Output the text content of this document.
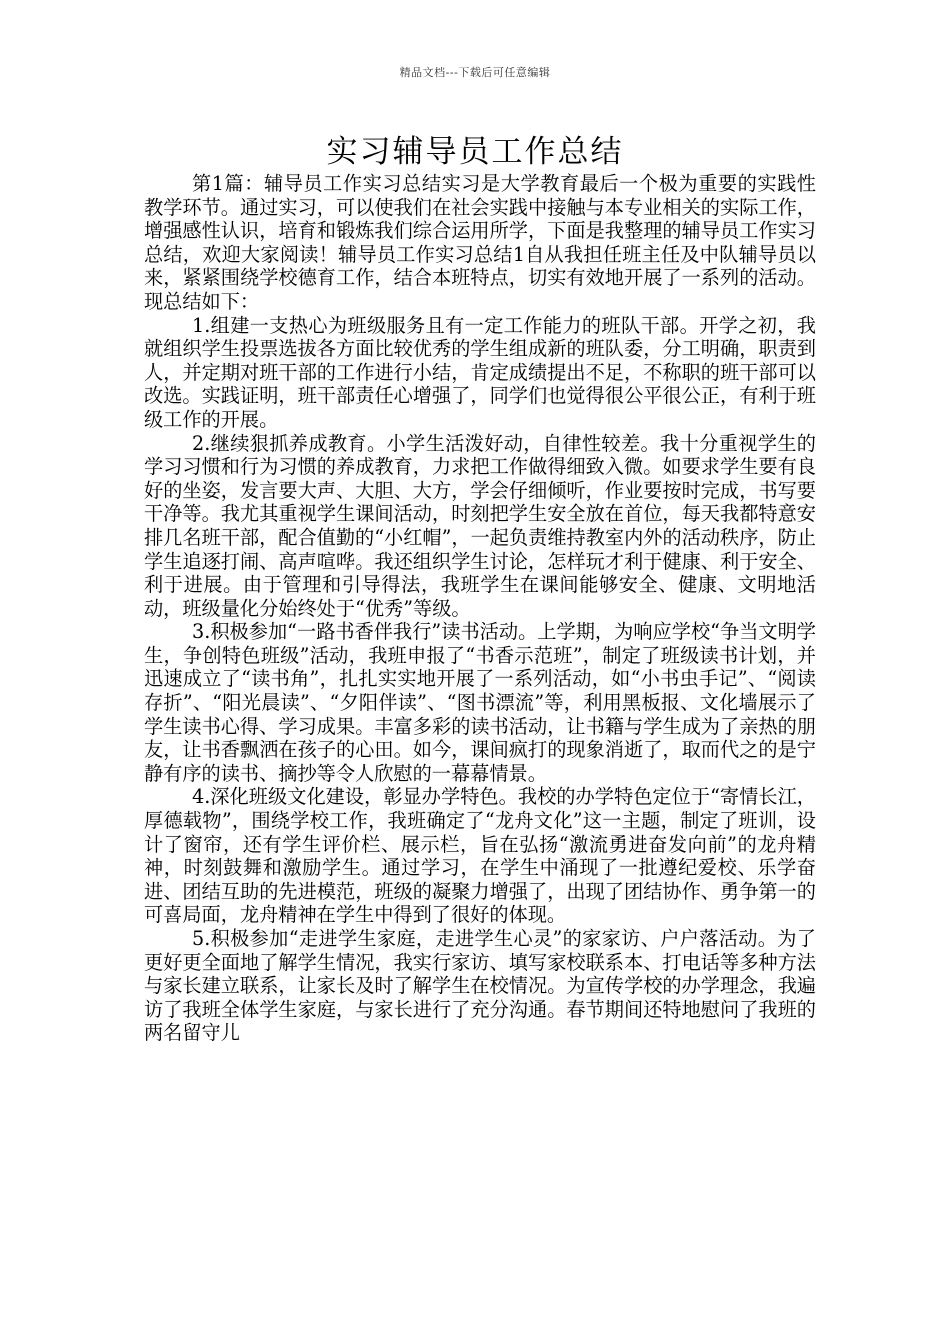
精品文档---下载后可任意编辑
实习辅导员工作总结

第1篇：辅导员工作实习总结实习是大学教育最后一个极为重要的实践性教学环节。通过实习，可以使我们在社会实践中接触与本专业相关的实际工作，增强感性认识，培育和锻炼我们综合运用所学，下面是我整理的辅导员工作实习总结，欢迎大家阅读！辅导员工作实习总结1自从我担任班主任及中队辅导员以来，紧紧围绕学校德育工作，结合本班特点，切实有效地开展了一系列的活动。现总结如下：

1.组建一支热心为班级服务且有一定工作能力的班队干部。开学之初，我就组织学生投票选拔各方面比较优秀的学生组成新的班队委，分工明确，职责到人，并定期对班干部的工作进行小结，肯定成绩提出不足，不称职的班干部可以改选。实践证明，班干部责任心增强了，同学们也觉得很公平很公正，有利于班级工作的开展。

2.继续狠抓养成教育。小学生活泼好动，自律性较差。我十分重视学生的学习习惯和行为习惯的养成教育，力求把工作做得细致入微。如要求学生要有良好的坐姿，发言要大声、大胆、大方，学会仔细倾听，作业要按时完成，书写要干净等。我尤其重视学生课间活动，时刻把学生安全放在首位，每天我都特意安排几名班干部，配合值勤的“小红帽”，一起负责维持教室内外的活动秩序，防止学生追逐打闹、高声喧哗。我还组织学生讨论，怎样玩才利于健康、利于安全、利于进展。由于管理和引导得法，我班学生在课间能够安全、健康、文明地活动，班级量化分始终处于“优秀”等级。

3.积极参加“一路书香伴我行”读书活动。上学期，为响应学校“争当文明学生，争创特色班级”活动，我班申报了“书香示范班”，制定了班级读书计划，并迅速成立了“读书角”，扎扎实实地开展了一系列活动，如“小书虫手记”、“阅读存折”、“阳光晨读”、“夕阳伴读”、“图书漂流”等，利用黑板报、文化墙展示了学生读书心得、学习成果。丰富多彩的读书活动，让书籍与学生成为了亲热的朋友，让书香飘洒在孩子的心田。如今，课间疯打的现象消逝了，取而代之的是宁静有序的读书、摘抄等令人欣慰的一幕幕情景。

4.深化班级文化建设，彰显办学特色。我校的办学特色定位于“寄情长江，厚德载物”，围绕学校工作，我班确定了“龙舟文化”这一主题，制定了班训，设计了窗帘，还有学生评价栏、展示栏，旨在弘扬“激流勇进奋发向前”的龙舟精神，时刻鼓舞和激励学生。通过学习，在学生中涌现了一批遵纪爱校、乐学奋进、团结互助的先进模范，班级的凝聚力增强了，出现了团结协作、勇争第一的可喜局面，龙舟精神在学生中得到了很好的体现。

5.积极参加“走进学生家庭，走进学生心灵”的家家访、户户落活动。为了更好更全面地了解学生情况，我实行家访、填写家校联系本、打电话等多种方法与家长建立联系，让家长及时了解学生在校情况。为宣传学校的办学理念，我遍访了我班全体学生家庭，与家长进行了充分沟通。春节期间还特地慰问了我班的两名留守儿
